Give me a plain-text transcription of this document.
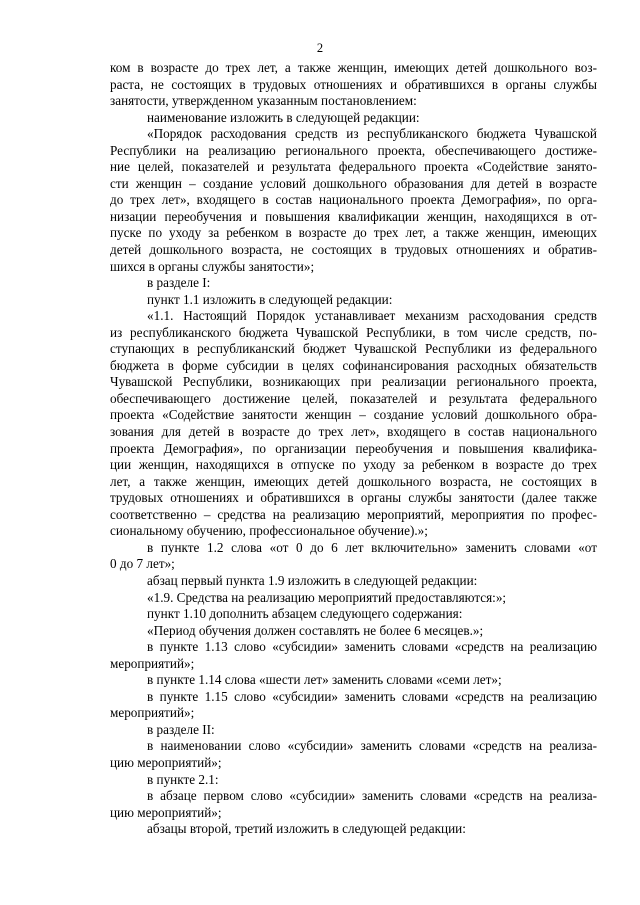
2
ком в возрасте до трех лет, а также женщин, имеющих детей дошкольного воз-
раста, не состоящих в трудовых отношениях и обратившихся в органы службы
занятости, утвержденном указанным постановлением:
наименование изложить в следующей редакции:
«Порядок расходования средств из республиканского бюджета Чувашской
Республики на реализацию регионального проекта, обеспечивающего достиже-
ние целей, показателей и результата федерального проекта «Содействие занято-
сти женщин – создание условий дошкольного образования для детей в возрасте
до трех лет», входящего в состав национального проекта Демография», по орга-
низации переобучения и повышения квалификации женщин, находящихся в от-
пуске по уходу за ребенком в возрасте до трех лет, а также женщин, имеющих
детей дошкольного возраста, не состоящих в трудовых отношениях и обратив-
шихся в органы службы занятости»;
в разделе I:
пункт 1.1 изложить в следующей редакции:
«1.1. Настоящий Порядок устанавливает механизм расходования средств
из республиканского бюджета Чувашской Республики, в том числе средств, по-
ступающих в республиканский бюджет Чувашской Республики из федерального
бюджета в форме субсидии в целях софинансирования расходных обязательств
Чувашской Республики, возникающих при реализации регионального проекта,
обеспечивающего достижение целей, показателей и результата федерального
проекта «Содействие занятости женщин – создание условий дошкольного обра-
зования для детей в возрасте до трех лет», входящего в состав национального
проекта Демография», по организации переобучения и повышения квалифика-
ции женщин, находящихся в отпуске по уходу за ребенком в возрасте до трех
лет, а также женщин, имеющих детей дошкольного возраста, не состоящих в
трудовых отношениях и обратившихся в органы службы занятости (далее также
соответственно – средства на реализацию мероприятий, мероприятия по профес-
сиональному обучению, профессиональное обучение).»;
в пункте 1.2 слова «от 0 до 6 лет включительно» заменить словами «от
0 до 7 лет»;
абзац первый пункта 1.9 изложить в следующей редакции:
«1.9. Средства на реализацию мероприятий предоставляются:»;
пункт 1.10 дополнить абзацем следующего содержания:
«Период обучения должен составлять не более 6 месяцев.»;
в пункте 1.13 слово «субсидии» заменить словами «средств на реализацию
мероприятий»;
в пункте 1.14 слова «шести лет» заменить словами «семи лет»;
в пункте 1.15 слово «субсидии» заменить словами «средств на реализацию
мероприятий»;
в разделе II:
в наименовании слово «субсидии» заменить словами «средств на реализа-
цию мероприятий»;
в пункте 2.1:
в абзаце первом слово «субсидии» заменить словами «средств на реализа-
цию мероприятий»;
абзацы второй, третий изложить в следующей редакции:
